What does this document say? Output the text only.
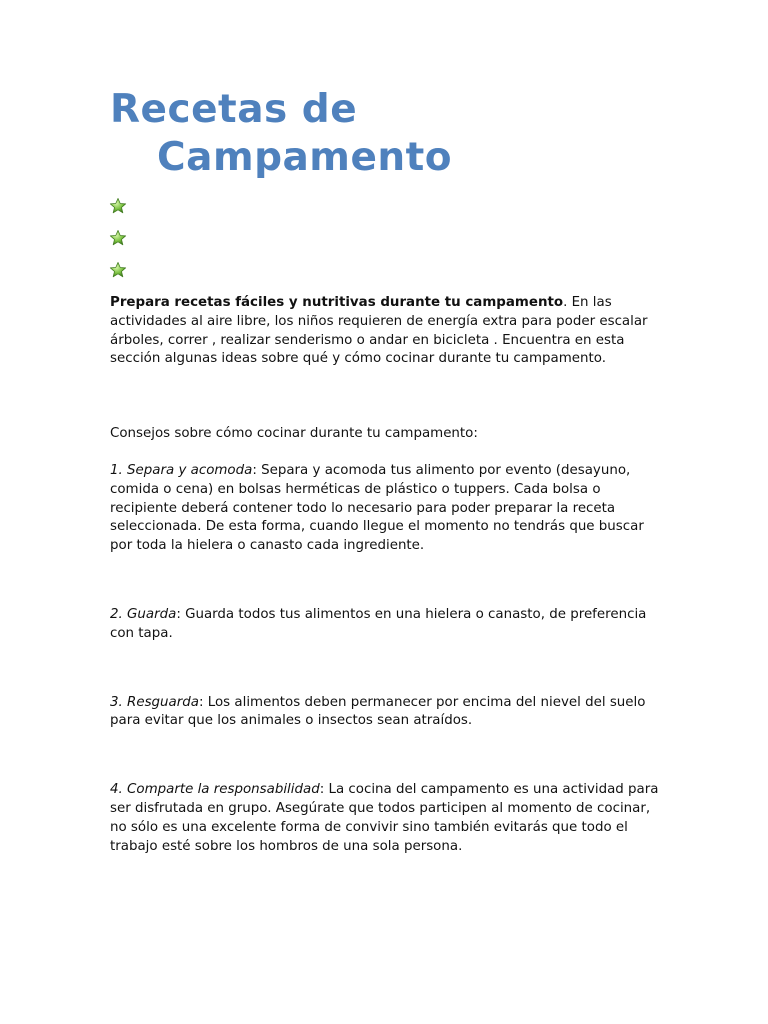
Recetas de
Campamento

Prepara recetas fáciles y nutritivas durante tu campamento. En las actividades al aire libre, los niños requieren de energía extra para poder escalar árboles, correr , realizar senderismo o andar en bicicleta . Encuentra en esta sección algunas ideas sobre qué y cómo cocinar durante tu campamento.

Consejos sobre cómo cocinar durante tu campamento:

1. Separa y acomoda: Separa y acomoda tus alimento por evento (desayuno, comida o cena) en bolsas herméticas de plástico o tuppers. Cada bolsa o recipiente deberá contener todo lo necesario para poder preparar la receta seleccionada. De esta forma, cuando llegue el momento no tendrás que buscar por toda la hielera o canasto cada ingrediente.

2. Guarda: Guarda todos tus alimentos en una hielera o canasto, de preferencia con tapa.

3. Resguarda: Los alimentos deben permanecer por encima del nievel del suelo para evitar que los animales o insectos sean atraídos.

4. Comparte la responsabilidad: La cocina del campamento es una actividad para ser disfrutada en grupo. Asegúrate que todos participen al momento de cocinar, no sólo es una excelente forma de convivir sino también evitarás que todo el trabajo esté sobre los hombros de una sola persona.
